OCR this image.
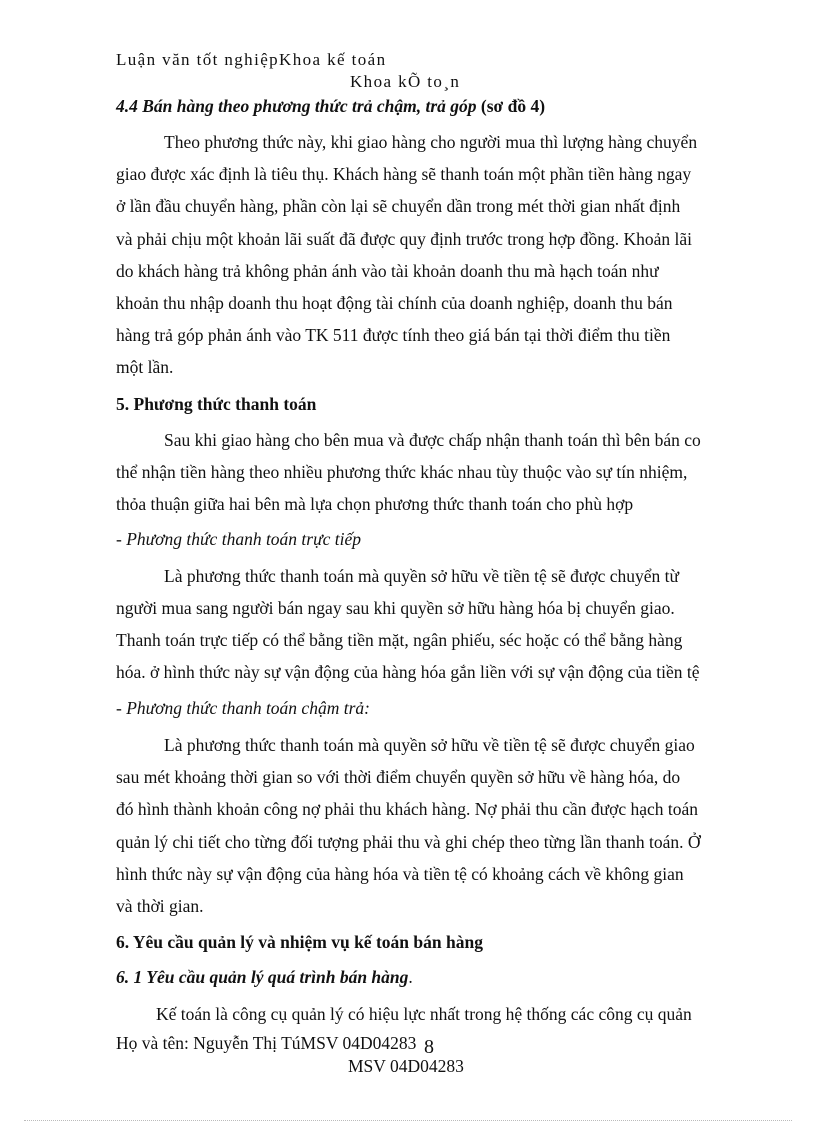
Luận văn tốt nghiệpKhoa kế toán
Khoa kÕ to¸n
4.4 Bán hàng theo phương thức trả chậm, trả góp (sơ đồ 4)
Theo phương thức này, khi giao hàng cho người mua thì lượng hàng chuyển
giao được xác định là tiêu thụ. Khách hàng sẽ thanh toán một phần tiền hàng ngay
ở lần đầu chuyển hàng, phần còn lại sẽ chuyển dần trong mét thời gian nhất định
và phải chịu một khoản lãi suất đã được quy định trước trong hợp đồng. Khoản lãi
do khách hàng trả không phản ánh vào tài khoản doanh thu mà hạch toán như
khoản thu nhập doanh thu hoạt động tài chính của doanh nghiệp, doanh thu bán
hàng trả góp phản ánh vào TK 511 được tính theo giá bán tại thời điểm thu tiền
một lần.
5. Phương thức thanh toán
Sau khi giao hàng cho bên mua và được chấp nhận thanh toán thì bên bán co
thể nhận tiền hàng theo nhiều phương thức khác nhau tùy thuộc vào sự tín nhiệm,
thỏa thuận giữa hai bên mà lựa chọn phương thức thanh toán cho phù hợp
- Phương thức thanh toán trực tiếp
Là phương thức thanh toán mà quyền sở hữu về tiền tệ sẽ được chuyển từ
người mua sang người bán ngay sau khi quyền sở hữu hàng hóa bị chuyển giao.
Thanh toán trực tiếp có thể bằng tiền mặt, ngân phiếu, séc hoặc có thể bằng hàng
hóa. ở hình thức này sự vận động của hàng hóa gắn liền với sự vận động của tiền tệ
- Phương thức thanh toán chậm trả:
Là phương thức thanh toán mà quyền sở hữu về tiền tệ sẽ được chuyển giao
sau mét khoảng thời gian so với thời điểm chuyển quyền sở hữu về hàng hóa, do
đó hình thành khoản công nợ phải thu khách hàng. Nợ phải thu cần được hạch toán
quản lý chi tiết cho từng đối tượng phải thu và ghi chép theo từng lần thanh toán. Ở
hình thức này sự vận động của hàng hóa và tiền tệ có khoảng cách về không gian
và thời gian.
6. Yêu cầu quản lý và nhiệm vụ kế toán bán hàng
6. 1 Yêu cầu quản lý quá trình bán hàng.
Kế toán là công cụ quản lý có hiệu lực nhất trong hệ thống các công cụ quản
Họ và tên: Nguyễn Thị TúMSV 04D04283 8
MSV 04D04283
